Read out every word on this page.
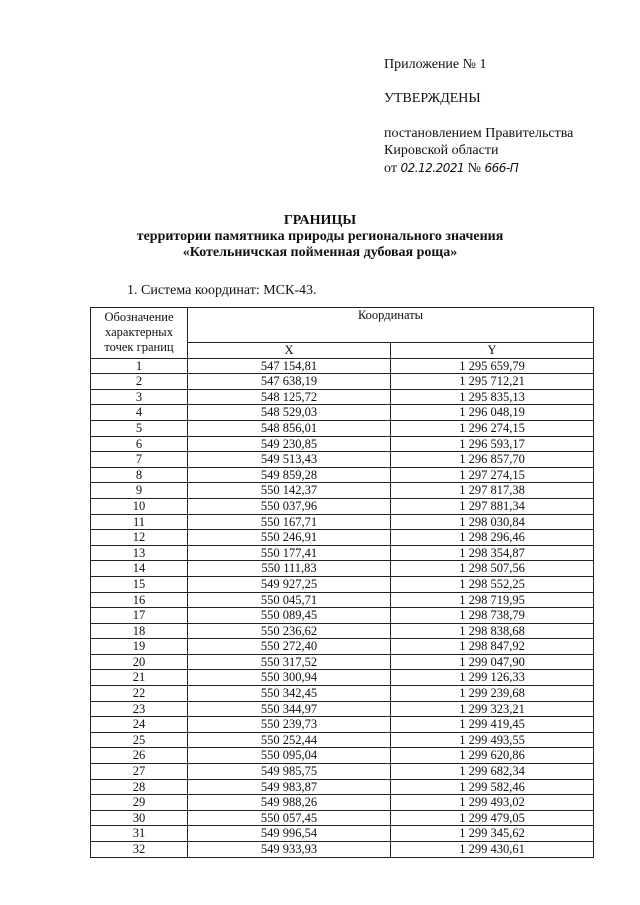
Приложение № 1
УТВЕРЖДЕНЫ
постановлением Правительства
Кировской области
от 02.12.2021 № 666-П
ГРАНИЦЫ
территории памятника природы регионального значения
«Котельничская пойменная дубовая роща»
1. Система координат: МСК-43.
Обозначение
характерных
точек границ	Координаты	
	X	Y
1	547 154,81	1 295 659,79
2	547 638,19	1 295 712,21
3	548 125,72	1 295 835,13
4	548 529,03	1 296 048,19
5	548 856,01	1 296 274,15
6	549 230,85	1 296 593,17
7	549 513,43	1 296 857,70
8	549 859,28	1 297 274,15
9	550 142,37	1 297 817,38
10	550 037,96	1 297 881,34
11	550 167,71	1 298 030,84
12	550 246,91	1 298 296,46
13	550 177,41	1 298 354,87
14	550 111,83	1 298 507,56
15	549 927,25	1 298 552,25
16	550 045,71	1 298 719,95
17	550 089,45	1 298 738,79
18	550 236,62	1 298 838,68
19	550 272,40	1 298 847,92
20	550 317,52	1 299 047,90
21	550 300,94	1 299 126,33
22	550 342,45	1 299 239,68
23	550 344,97	1 299 323,21
24	550 239,73	1 299 419,45
25	550 252,44	1 299 493,55
26	550 095,04	1 299 620,86
27	549 985,75	1 299 682,34
28	549 983,87	1 299 582,46
29	549 988,26	1 299 493,02
30	550 057,45	1 299 479,05
31	549 996,54	1 299 345,62
32	549 933,93	1 299 430,61
